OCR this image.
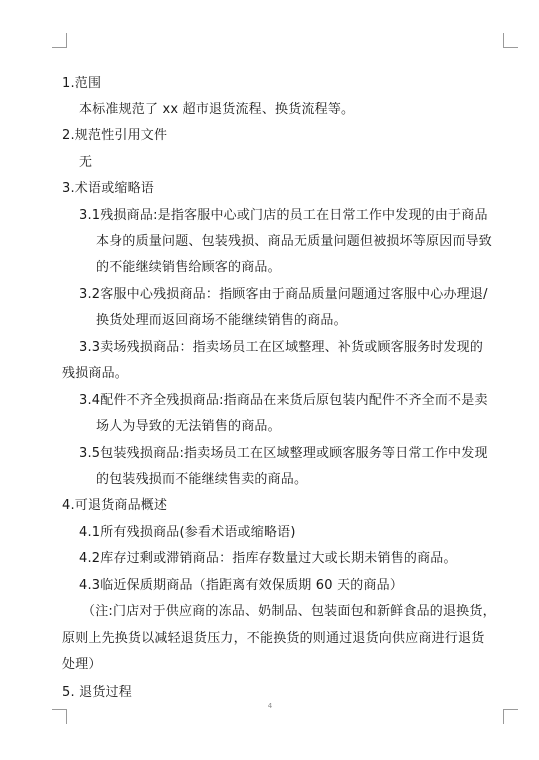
1.范围
本标准规范了 xx 超市退货流程、换货流程等。
2.规范性引用文件
无
3.术语或缩略语
3.1残损商品:是指客服中心或门店的员工在日常工作中发现的由于商品
本身的质量问题、包装残损、商品无质量问题但被损坏等原因而导致
的不能继续销售给顾客的商品。
3.2客服中心残损商品：指顾客由于商品质量问题通过客服中心办理退/
换货处理而返回商场不能继续销售的商品。
3.3卖场残损商品：指卖场员工在区域整理、补货或顾客服务时发现的
残损商品。
3.4配件不齐全残损商品:指商品在来货后原包装内配件不齐全而不是卖
场人为导致的无法销售的商品。
3.5包装残损商品:指卖场员工在区域整理或顾客服务等日常工作中发现
的包装残损而不能继续售卖的商品。
4.可退货商品概述
4.1所有残损商品(参看术语或缩略语)
4.2库存过剩或滞销商品：指库存数量过大或长期未销售的商品。
4.3临近保质期商品（指距离有效保质期 60 天的商品）
（注:门店对于供应商的冻品、奶制品、包装面包和新鲜食品的退换货，
原则上先换货以减轻退货压力，不能换货的则通过退货向供应商进行退货
处理）
5. 退货过程
4
